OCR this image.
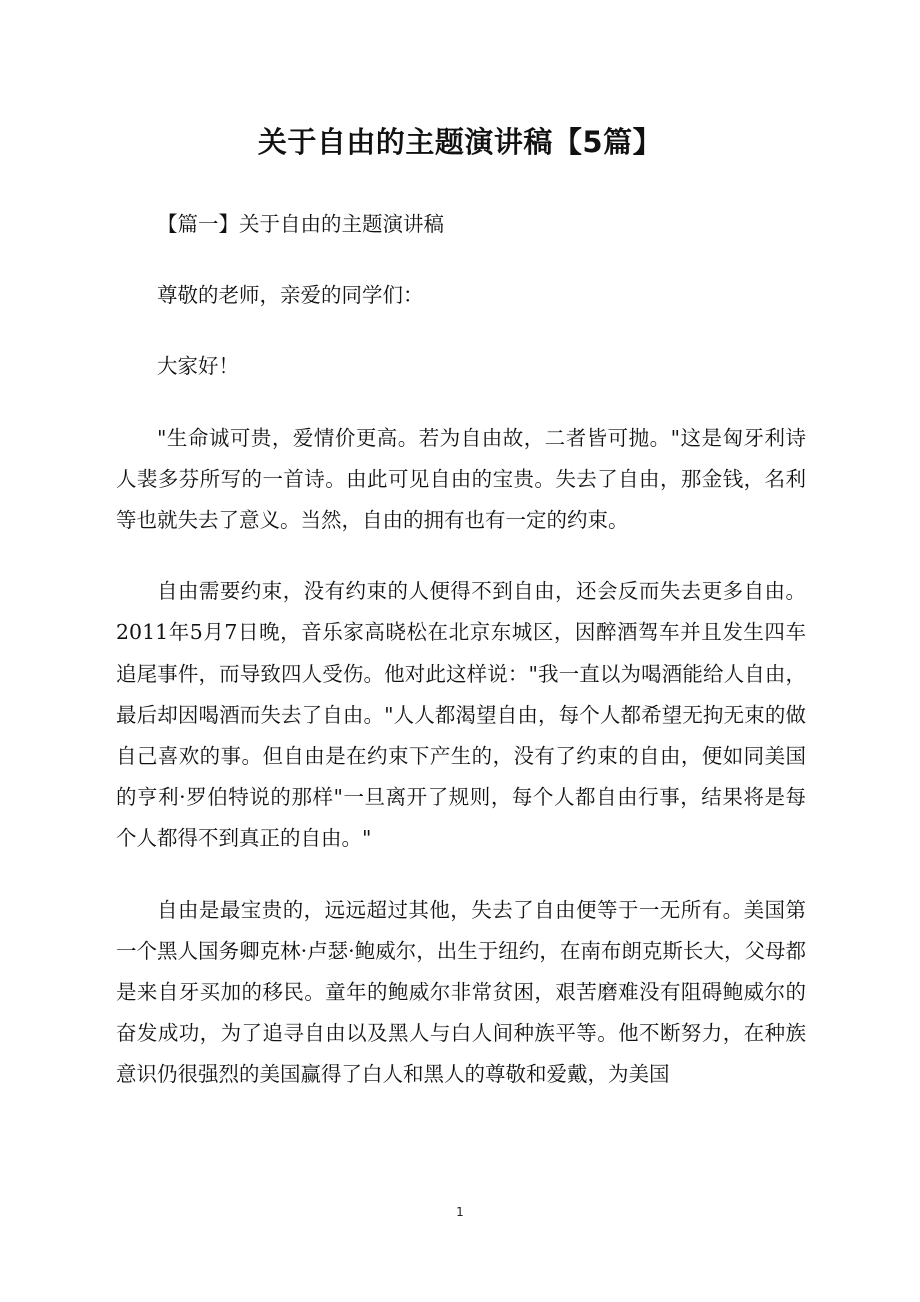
关于自由的主题演讲稿【5篇】

【篇一】关于自由的主题演讲稿

尊敬的老师，亲爱的同学们：

大家好！

"生命诚可贵，爱情价更高。若为自由故，二者皆可抛。"这是匈牙利诗人裴多芬所写的一首诗。由此可见自由的宝贵。失去了自由，那金钱，名利等也就失去了意义。当然，自由的拥有也有一定的约束。

自由需要约束，没有约束的人便得不到自由，还会反而失去更多自由。2011年5月7日晚，音乐家高晓松在北京东城区，因醉酒驾车并且发生四车追尾事件，而导致四人受伤。他对此这样说："我一直以为喝酒能给人自由，最后却因喝酒而失去了自由。"人人都渴望自由，每个人都希望无拘无束的做自己喜欢的事。但自由是在约束下产生的，没有了约束的自由，便如同美国的亨利·罗伯特说的那样"一旦离开了规则，每个人都自由行事，结果将是每个人都得不到真正的自由。"

自由是最宝贵的，远远超过其他，失去了自由便等于一无所有。美国第一个黑人国务卿克林·卢瑟·鲍威尔，出生于纽约，在南布朗克斯长大，父母都是来自牙买加的移民。童年的鲍威尔非常贫困，艰苦磨难没有阻碍鲍威尔的奋发成功，为了追寻自由以及黑人与白人间种族平等。他不断努力，在种族意识仍很强烈的美国赢得了白人和黑人的尊敬和爱戴，为美国

1
